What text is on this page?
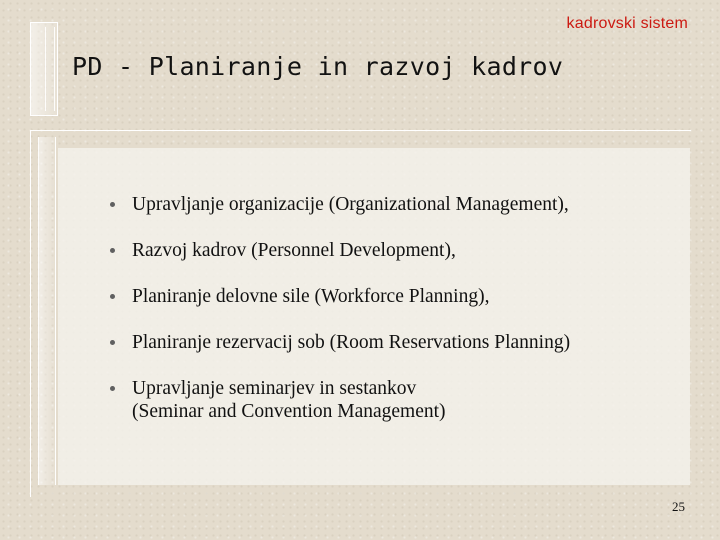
kadrovski sistem
PD - Planiranje in razvoj kadrov
Upravljanje organizacije (Organizational Management),
Razvoj kadrov (Personnel Development),
Planiranje delovne sile (Workforce Planning),
Planiranje rezervacij sob (Room Reservations Planning)
Upravljanje seminarjev in sestankov
(Seminar and Convention Management)
25
